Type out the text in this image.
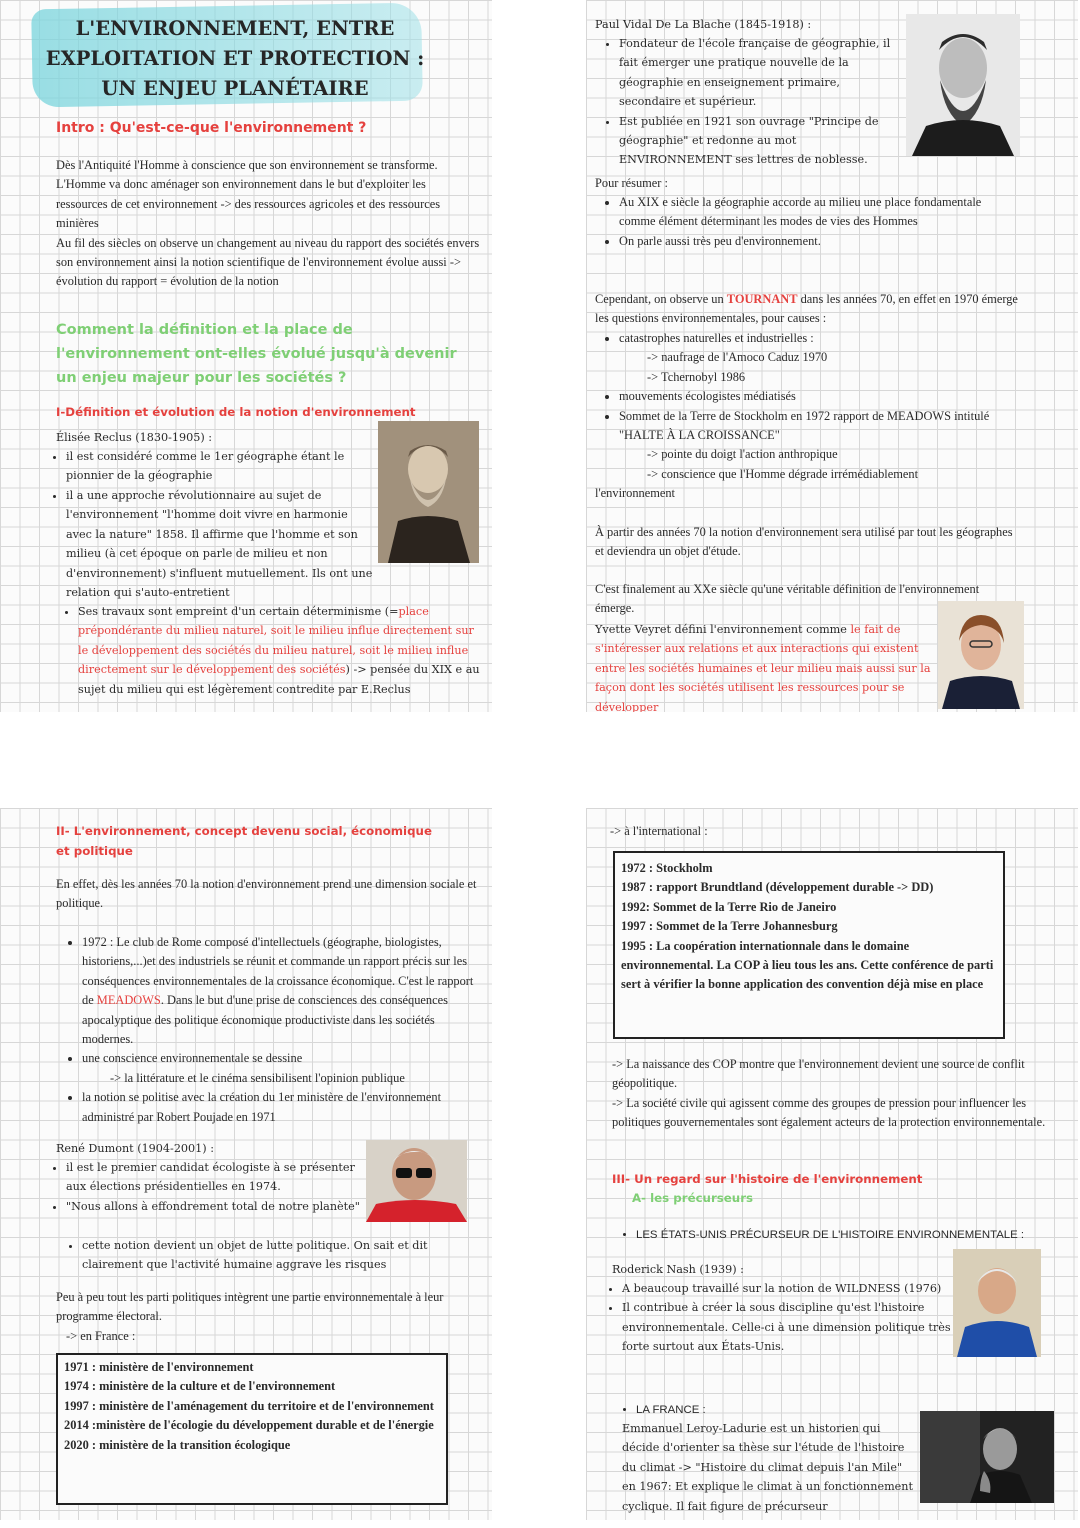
L'ENVIRONNEMENT, ENTRE
EXPLOITATION ET PROTECTION :
UN ENJEU PLANÉTAIRE
Intro : Qu'est-ce-que l'environnement ?
Dès l'Antiquité l'Homme à conscience que son environnement se transforme. L'Homme va donc aménager son environnement dans le but d'exploiter les ressources de cet environnement -> des ressources agricoles et des ressources minières
Au fil des siècles on observe un changement au niveau du rapport des sociétés envers son environnement ainsi la notion scientifique de l'environnement évolue aussi -> évolution du rapport = évolution de la notion
Comment la définition et la place de l'environnement ont-elles évolué jusqu'à devenir un enjeu majeur pour les sociétés ?
I-Définition et évolution de la notion d'environnement
Élisée Reclus (1830-1905) :
• il est considéré comme le 1er géographe étant le pionnier de la géographie
• il a une approche révolutionnaire au sujet de l'environnement "l'homme doit vivre en harmonie avec la nature" 1858. Il affirme que l'homme et son milieu (à cet époque on parle de milieu et non d'environnement) s'influent mutuellement. Ils ont une relation qui s'auto-entretient
• Ses travaux sont empreint d'un certain déterminisme (=place prépondérante du milieu naturel, soit le milieu influe directement sur le développement des sociétés du milieu naturel, soit le milieu influe directement sur le développement des sociétés) -> pensée du XIX e au sujet du milieu qui est légèrement contredite par E.Reclus
Paul Vidal De La Blache (1845-1918) :
• Fondateur de l'école française de géographie, il fait émerger une pratique nouvelle de la géographie en enseignement primaire, secondaire et supérieur.
• Est publiée en 1921 son ouvrage "Principe de géographie" et redonne au mot ENVIRONNEMENT ses lettres de noblesse.
Pour résumer :
• Au XIX e siècle la géographie accorde au milieu une place fondamentale comme élément déterminant les modes de vies des Hommes
• On parle aussi très peu d'environnement.
Cependant, on observe un TOURNANT dans les années 70, en effet en 1970 émerge les questions environnementales, pour causes :
• catastrophes naturelles et industrielles :
-> naufrage de l'Amoco Caduz 1970
-> Tchernobyl 1986
• mouvements écologistes médiatisés
• Sommet de la Terre de Stockholm en 1972 rapport de MEADOWS intitulé "HALTE À LA CROISSANCE"
-> pointe du doigt l'action anthropique
-> conscience que l'Homme dégrade irrémédiablement
l'environnement
À partir des années 70 la notion d'environnement sera utilisé par tout les géographes et deviendra un objet d'étude.
C'est finalement au XXe siècle qu'une véritable définition de l'environnement émerge.
Yvette Veyret défini l'environnement comme le fait de s'intéresser aux relations et aux interactions qui existent entre les sociétés humaines et leur milieu mais aussi sur la façon dont les sociétés utilisent les ressources pour se développer
II- L'environnement, concept devenu social, économique
et politique
En effet, dès les années 70 la notion d'environnement prend une dimension sociale et politique.
• 1972 : Le club de Rome composé d'intellectuels (géographe, biologistes, historiens,...)et des industriels se réunit et commande un rapport précis sur les conséquences environnementales de la croissance économique. C'est le rapport de MEADOWS. Dans le but d'une prise de consciences des conséquences apocalyptique des politique économique productiviste dans les sociétés modernes.
• une conscience environnementale se dessine
-> la littérature et le cinéma sensibilisent l'opinion publique
• la notion se politise avec la création du 1er ministère de l'environnement administré par Robert Poujade en 1971
René Dumont (1904-2001) :
• il est le premier candidat écologiste à se présenter aux élections présidentielles en 1974.
• "Nous allons à effondrement total de notre planète"
• cette notion devient un objet de lutte politique. On sait et dit clairement que l'activité humaine aggrave les risques
Peu à peu tout les parti politiques intègrent une partie environnementale à leur programme électoral.
-> en France :
1971 : ministère de l'environnement
1974 : ministère de la culture et de l'environnement
1997 : ministère de l'aménagement du territoire et de l'environnement
2014 :ministère de l'écologie du développement durable et de l'énergie
2020 : ministère de la transition écologique
-> à l'international :
1972 : Stockholm
1987 : rapport Brundtland (développement durable -> DD)
1992: Sommet de la Terre Rio de Janeiro
1997 : Sommet de la Terre Johannesburg
1995 : La coopération internationnale dans le domaine environnemental. La COP à lieu tous les ans. Cette conférence de parti sert à vérifier la bonne application des convention déjà mise en place
-> La naissance des COP montre que l'environnement devient une source de conflit géopolitique.
-> La société civile qui agissent comme des groupes de pression pour influencer les politiques gouvernementales sont également acteurs de la protection environnementale.
III- Un regard sur l'histoire de l'environnement
A- les précurseurs
• LES ÉTATS-UNIS PRÉCURSEUR DE L'HISTOIRE ENVIRONNEMENTALE :
Roderick Nash (1939) :
• A beaucoup travaillé sur la notion de WILDNESS (1976)
• Il contribue à créer la sous discipline qu'est l'histoire environnementale. Celle-ci à une dimension politique très forte surtout aux États-Unis.
• LA FRANCE :
Emmanuel Leroy-Ladurie est un historien qui décide d'orienter sa thèse sur l'étude de l'histoire du climat -> "Histoire du climat depuis l'an Mile" en 1967: Et explique le climat à un fonctionnement cyclique. Il fait figure de précurseur
